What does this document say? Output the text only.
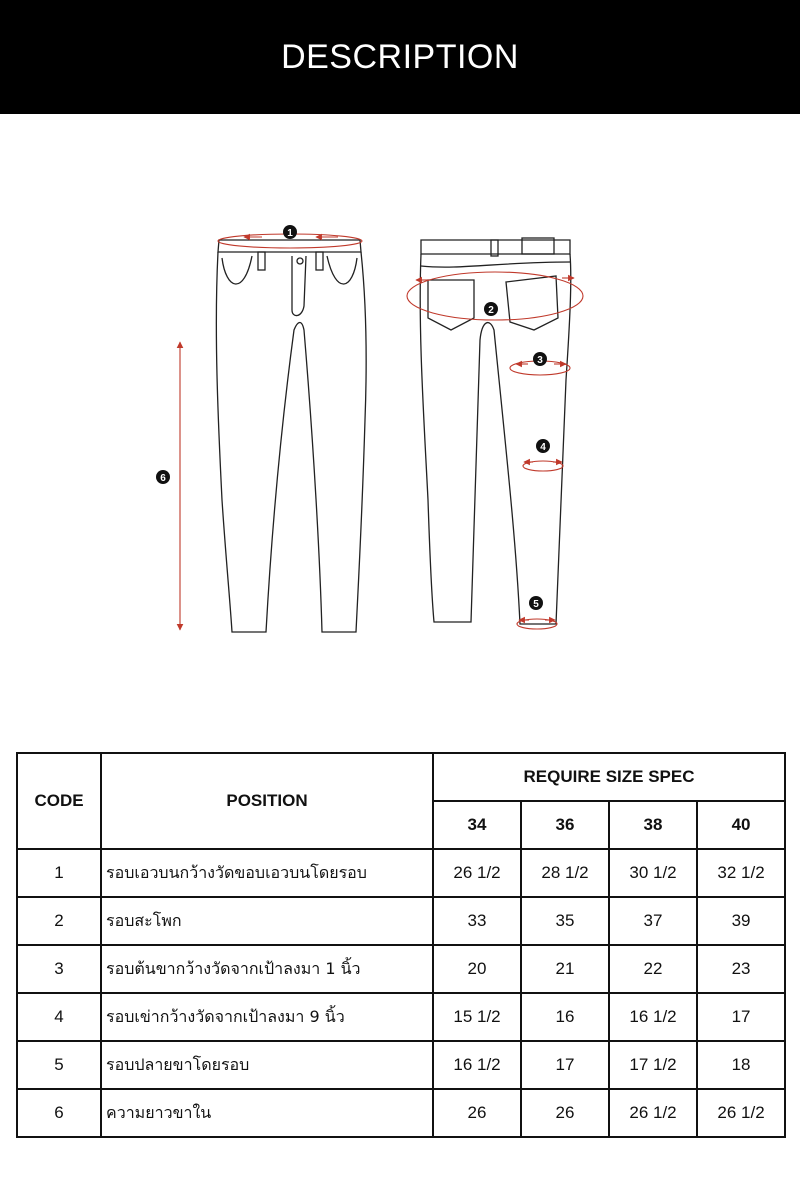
DESCRIPTION
1
2
3
4
5
6
CODE	POSITION	REQUIRE SIZE SPEC			
		34	36	38	40
1	รอบเอวบนกว้างวัดขอบเอวบนโดยรอบ	26 1/2	28 1/2	30 1/2	32 1/2
2	รอบสะโพก	33	35	37	39
3	รอบต้นขากว้างวัดจากเป้าลงมา 1 นิ้ว	20	21	22	23
4	รอบเข่ากว้างวัดจากเป้าลงมา 9 นิ้ว	15 1/2	16	16 1/2	17
5	รอบปลายขาโดยรอบ	16 1/2	17	17 1/2	18
6	ความยาวขาใน	26	26	26 1/2	26 1/2
